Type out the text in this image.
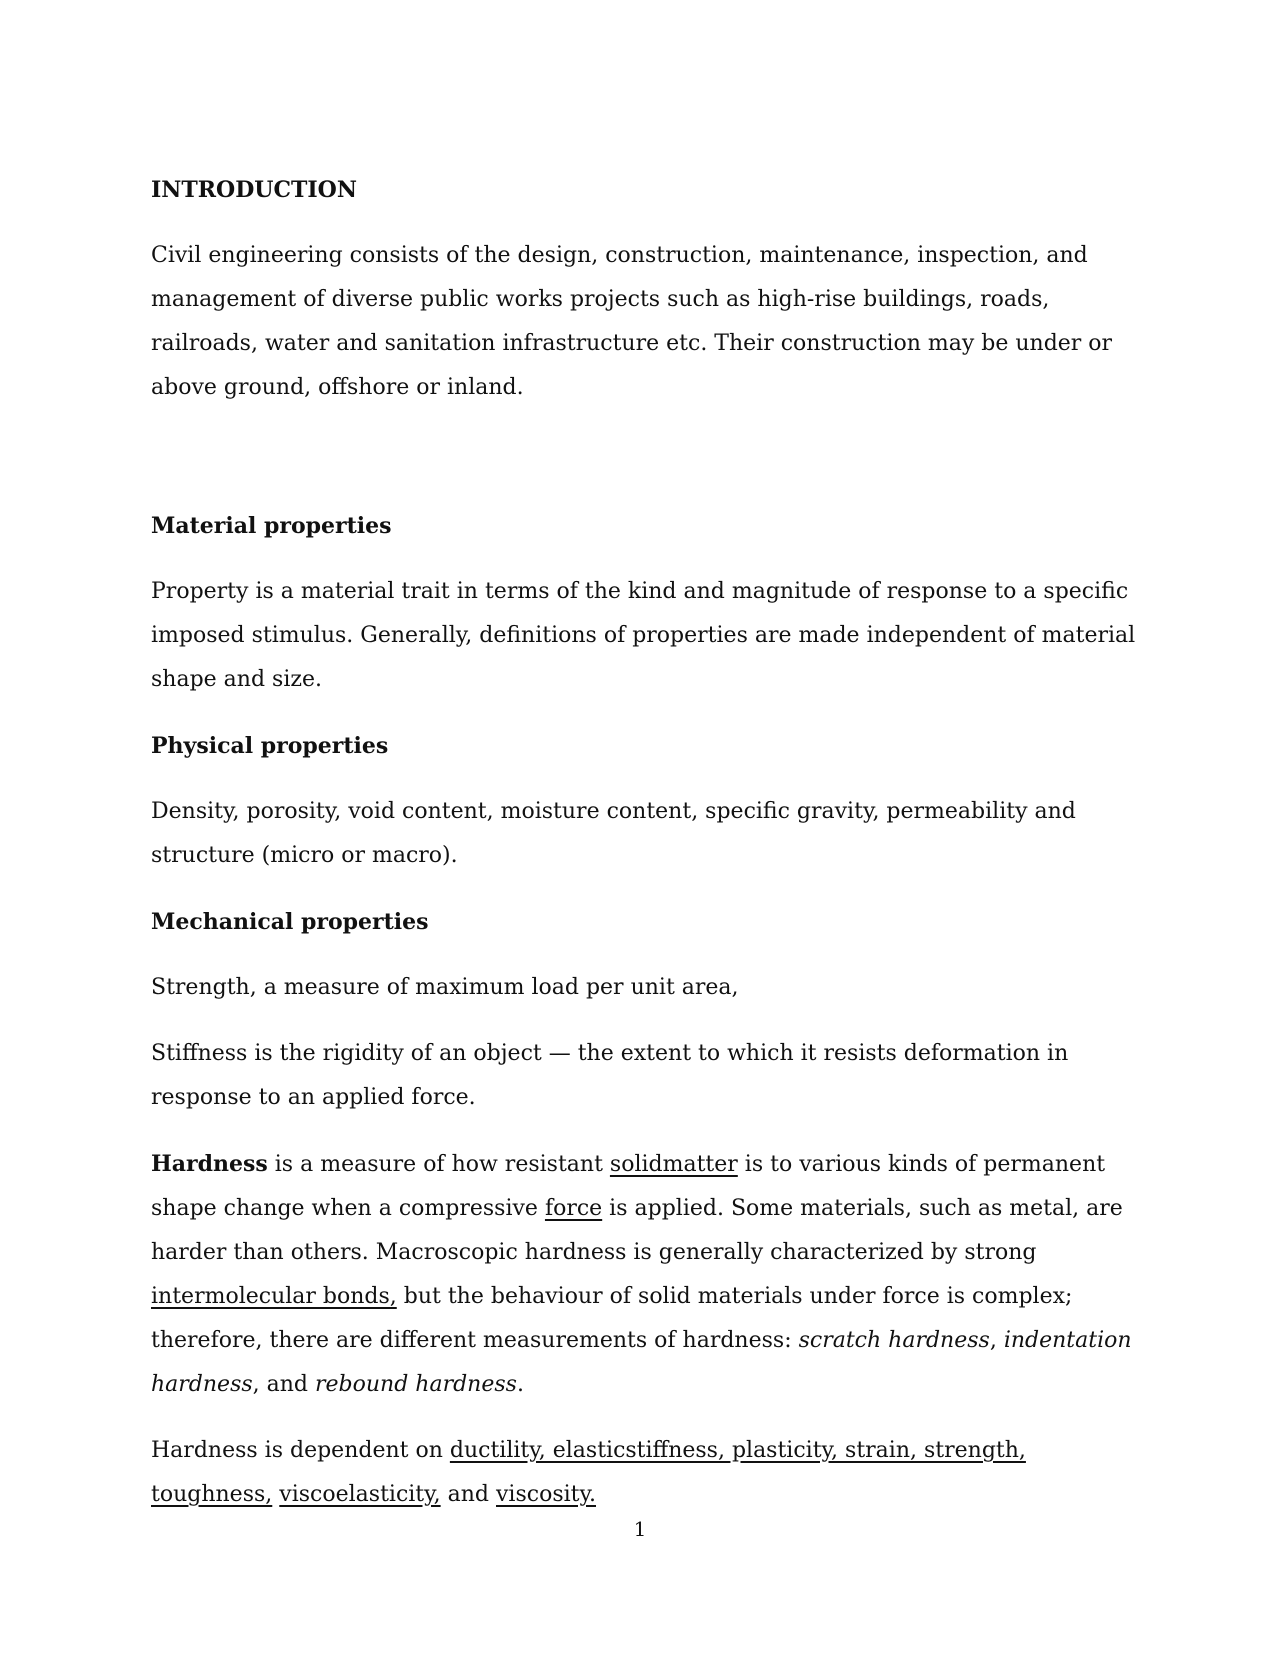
INTRODUCTION

Civil engineering consists of the design, construction, maintenance, inspection, and management of diverse public works projects such as high-rise buildings, roads, railroads, water and sanitation infrastructure etc. Their construction may be under or above ground, offshore or inland.

Material properties

Property is a material trait in terms of the kind and magnitude of response to a specific imposed stimulus. Generally, definitions of properties are made independent of material shape and size.

Physical properties

Density, porosity, void content, moisture content, specific gravity, permeability and structure (micro or macro).

Mechanical properties

Strength, a measure of maximum load per unit area,

Stiffness is the rigidity of an object — the extent to which it resists deformation in response to an applied force.

Hardness is a measure of how resistant solidmatter is to various kinds of permanent shape change when a compressive force is applied. Some materials, such as metal, are harder than others. Macroscopic hardness is generally characterized by strong intermolecular bonds, but the behaviour of solid materials under force is complex; therefore, there are different measurements of hardness: scratch hardness, indentation hardness, and rebound hardness.

Hardness is dependent on ductility, elasticstiffness, plasticity, strain, strength, toughness, viscoelasticity, and viscosity.

1
